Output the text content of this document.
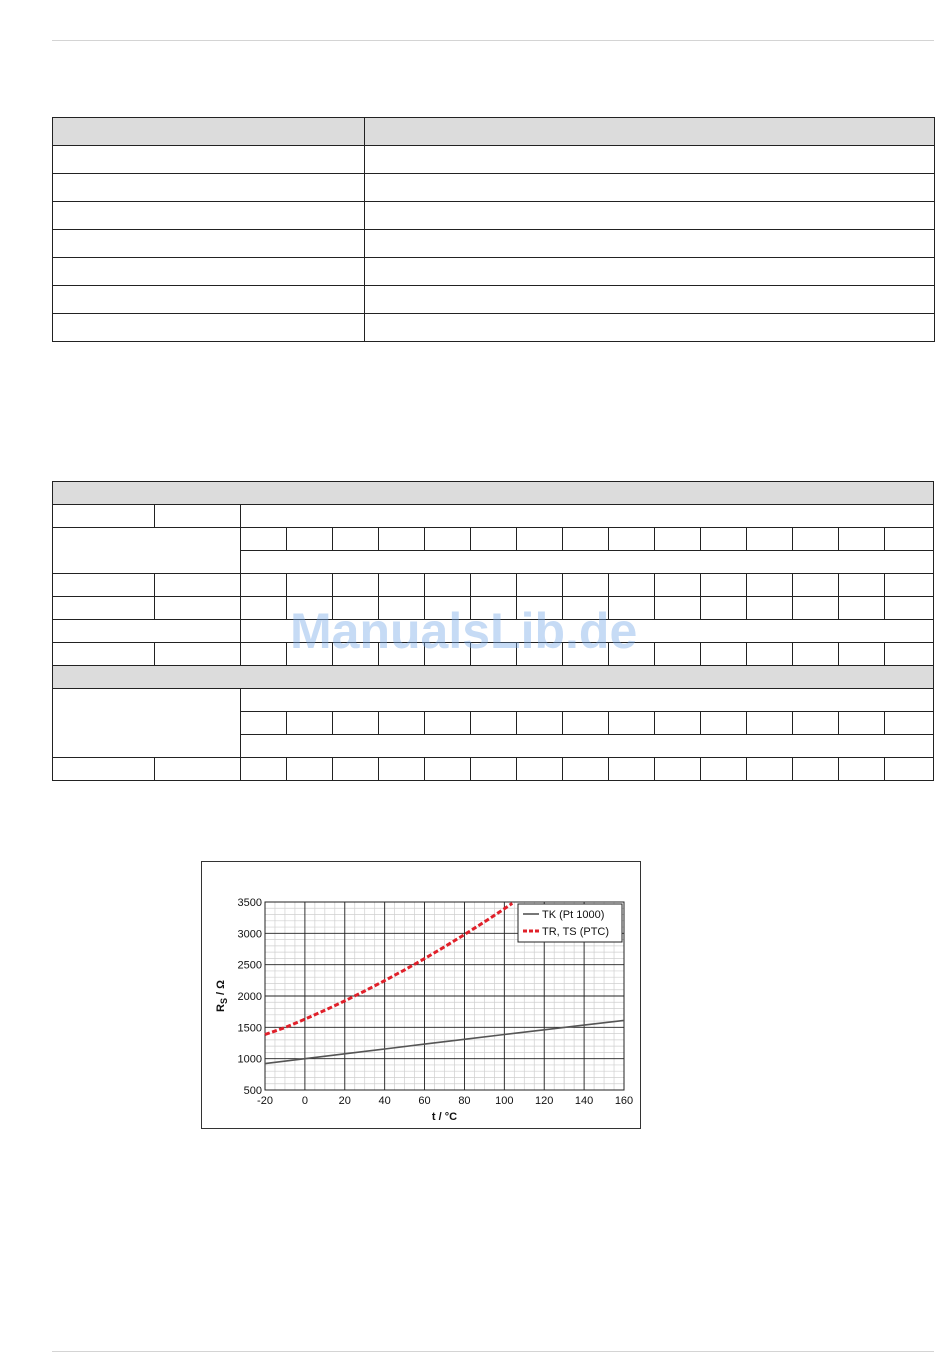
ManualsLib.de
-20	0	20	40	60	80 100 120 140 160
500
1000
1500
2000
2500
3000
3500
t / °C
$R_S$ / Ω
TK (Pt 1000)
TR, TS (PTC)
